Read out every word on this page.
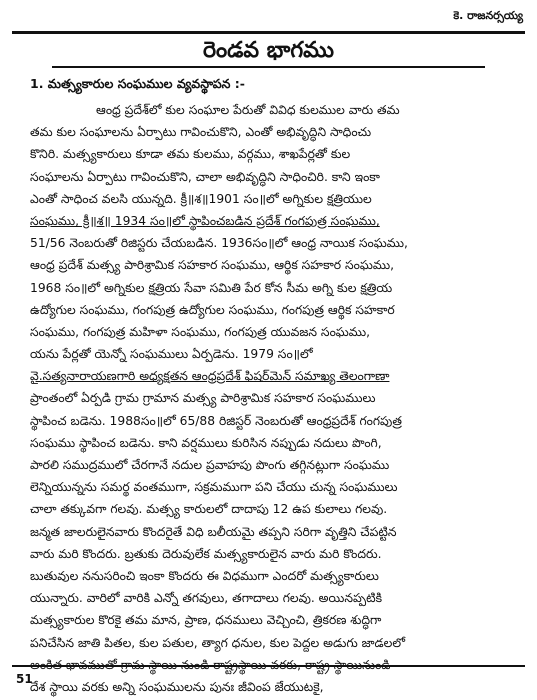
కె. రాజనర్సయ్య
రెండవ భాగము
1. మత్స్యకారుల సంఘముల వ్యవస్థాపన :-
ఆంధ్ర ప్రదేశ్‌లో కుల సంఘాల పేరుతో వివిధ కులముల వారు తమ
తమ కుల సంఘాలను ఏర్పాటు గావించుకొని, ఎంతో అభివృద్ధిని సాధించు
కొనిరి. మత్స్యకారులు కూడా తమ కులము, వర్గము, శాఖపేర్లతో కుల
సంఘాలను ఏర్పాటు గావించుకొని, చాలా అభివృద్ధిని సాధించిరి. కాని ఇంకా
ఎంతో సాధించ వలసి యున్నది. క్రీ॥శ॥1901 సం॥లో అగ్నికుల క్షత్రియుల
సంఘము, క్రీ॥శ॥ 1934 సం॥లో స్థాపించబడిన ప్రదేశ్ గంగపుత్ర సంఘము,
51/56 నెంబరుతో రిజిస్టరు చేయబడిన. 1936సం॥లో ఆంధ్ర నాయిక సంఘము,
ఆంధ్ర ప్రదేశ్ మత్స్య పారిశ్రామిక సహకార సంఘము, ఆర్థిక సహకార సంఘము,
1968 సం॥లో అగ్నికుల క్షత్రియ సేవా సమితి పేర కోన సీమ అగ్ని కుల క్షత్రియ
ఉద్యోగుల సంఘము, గంగపుత్ర ఉద్యోగుల సంఘము, గంగపుత్ర ఆర్థిక సహకార
సంఘము, గంగపుత్ర మహిళా సంఘము, గంగపుత్ర యువజన సంఘము,
యను పేర్లతో యెన్నో సంఘములు ఏర్పడెను. 1979 సం॥లో
వై.సత్యనారాయణగారి అధ్యక్షతన ఆంధ్రప్రదేశ్ ఫిషర్‌మెన్ సమాఖ్య తెలంగాణా
ప్రాంతంలో ఏర్పడి గ్రామ గ్రామాన మత్స్య పారిశ్రామిక సహకార సంఘములు
స్థాపించ బడెను. 1988సం॥లో 65/88 రిజిస్టర్ నెంబరుతో ఆంధ్రప్రదేశ్ గంగపుత్ర
సంఘము స్థాపించ బడెను. కాని వర్షములు కురిసిన నప్పుడు నదులు పొంగి,
పారలి సముద్రములో చేరగానే నదుల ప్రవాహపు పొంగు తగ్గినట్లుగా సంఘము
లెన్నియున్నను సమర్థ వంతముగా, సక్రమముగా పని చేయు చున్న సంఘములు
చాలా తక్కువగా గలవు. మత్స్య కారులలో దాదాపు 12 ఉప కులాలు గలవు.
జన్మత జాలరులైనవారు కొందరైతే విధి బలీయమై తప్పని సరిగా వృత్తిని చేపట్టిన
వారు మరి కొందరు. బ్రతుకు దెరువులేక మత్స్యకారులైన వారు మరి కొందరు.
బుతువుల ననుసరించి ఇంకా కొందరు ఈ విధముగా ఎందరో మత్స్యకారులు
యున్నారు. వారిలో వారికి ఎన్నో తగవులు, తగాదాలు గలవు. అయినప్పటికి
మత్స్యకారుల కొరకై తమ మాన, ప్రాణ, ధనములు వెచ్చించి, త్రికరణ శుద్ధిగా
పనిచేసిన జాతి పితల, కుల పతుల, త్యాగ ధనుల, కుల పెద్దల అడుగు జాడలలో
దేశ స్థాయి వరకు అన్ని సంఘములను పునః జీవింప జేయుటకై,
51
